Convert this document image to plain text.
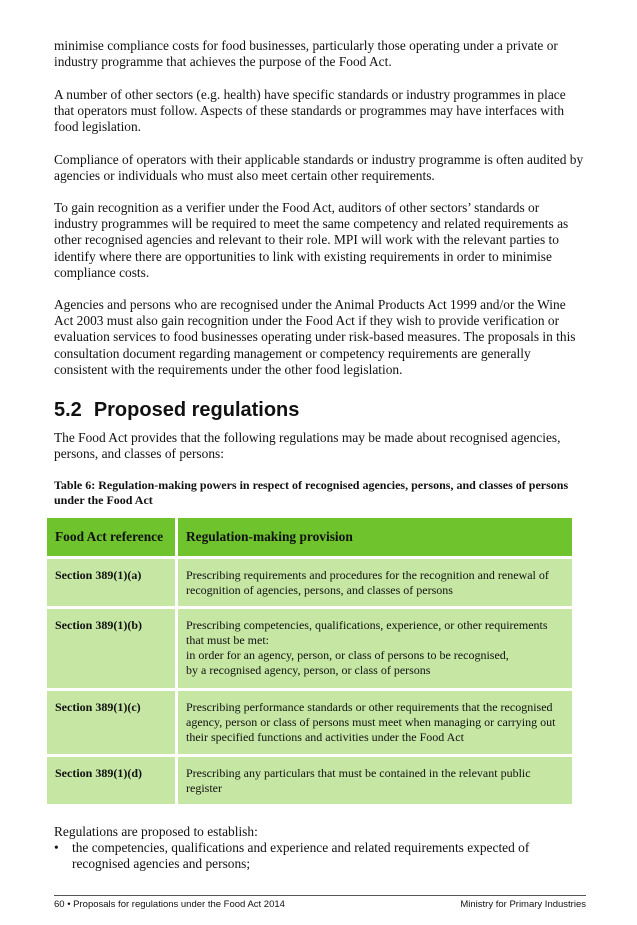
minimise compliance costs for food businesses, particularly those operating under a private or industry programme that achieves the purpose of the Food Act.

A number of other sectors (e.g. health) have specific standards or industry programmes in place that operators must follow. Aspects of these standards or programmes may have interfaces with food legislation.

Compliance of operators with their applicable standards or industry programme is often audited by agencies or individuals who must also meet certain other requirements.

To gain recognition as a verifier under the Food Act, auditors of other sectors’ standards or industry programmes will be required to meet the same competency and related requirements as other recognised agencies and relevant to their role. MPI will work with the relevant parties to identify where there are opportunities to link with existing requirements in order to minimise compliance costs.

Agencies and persons who are recognised under the Animal Products Act 1999 and/or the Wine Act 2003 must also gain recognition under the Food Act if they wish to provide verification or evaluation services to food businesses operating under risk-based measures. The proposals in this consultation document regarding management or competency requirements are generally consistent with the requirements under the other food legislation.

5.2 Proposed regulations

The Food Act provides that the following regulations may be made about recognised agencies, persons, and classes of persons:

Table 6: Regulation-making powers in respect of recognised agencies, persons, and classes of persons under the Food Act

Food Act reference	Regulation-making provision
Section 389(1)(a)	Prescribing requirements and procedures for the recognition and renewal of recognition of agencies, persons, and classes of persons

Section 389(1)(b)	Prescribing competencies, qualifications, experience, or other requirements that must be met:
in order for an agency, person, or class of persons to be recognised,
by a recognised agency, person, or class of persons

Section 389(1)(c)	Prescribing performance standards or other requirements that the recognised agency, person or class of persons must meet when managing or carrying out their specified functions and activities under the Food Act

Section 389(1)(d)	Prescribing any particulars that must be contained in the relevant public register

Regulations are proposed to establish:

• the competencies, qualifications and experience and related requirements expected of recognised agencies and persons;
60 • Proposals for regulations under the Food Act 2014	Ministry for Primary Industries
